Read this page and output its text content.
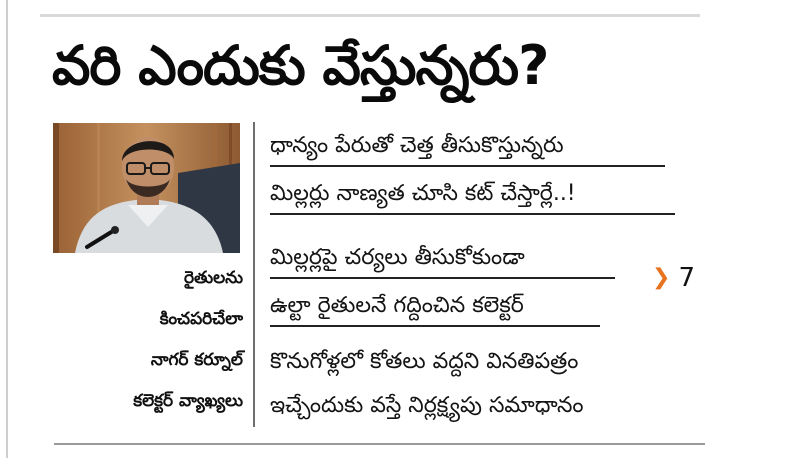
వరి ఎందుకు వేస్తున్నరు?
రైతులను
కించపరిచేలా
నాగర్ కర్నూల్
కలెక్టర్ వ్యాఖ్యలు
ధాన్యం పేరుతో చెత్త తీసుకొస్తున్నరు
మిల్లర్లు నాణ్యత చూసి కట్ చేస్తార్లే..!
మిల్లర్లపై చర్యలు తీసుకోకుండా
ఉల్టా రైతులనే గద్దించిన కలెక్టర్
❯ 7
కొనుగోళ్లలో కోతలు వద్దని వినతిపత్రం
ఇచ్చేందుకు వస్తే నిర్లక్ష్యపు సమాధానం
